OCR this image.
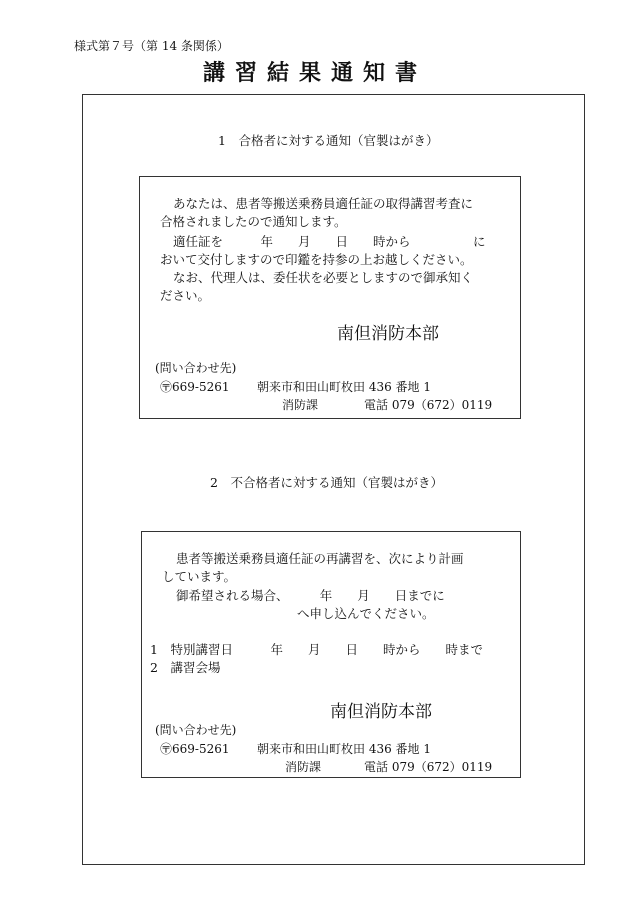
様式第７号（第 14 条関係）
講習結果通知書
1　合格者に対する通知（官製はがき）
あなたは、患者等搬送乗務員適任証の取得講習考査に
合格されましたので通知します。
適任証を　　　年　　月　　日　　時から　　　　　に
おいて交付しますので印鑑を持参の上お越しください。
なお、代理人は、委任状を必要としますので御承知く
ださい。
南但消防本部
(問い合わせ先)
〶669-5261 朝来市和田山町枚田 436 番地 1
消防課	電話 079（672）0119
2　不合格者に対する通知（官製はがき）
患者等搬送乗務員適任証の再講習を、次により計画
しています。
御希望される場合、　　　年　　月　　日までに
へ申し込んでください。
1　特別講習日　　　年　　月　　日　　時から　　時まで
2　講習会場
南但消防本部
(問い合わせ先)
〶669-5261 朝来市和田山町枚田 436 番地 1
消防課	電話 079（672）0119
